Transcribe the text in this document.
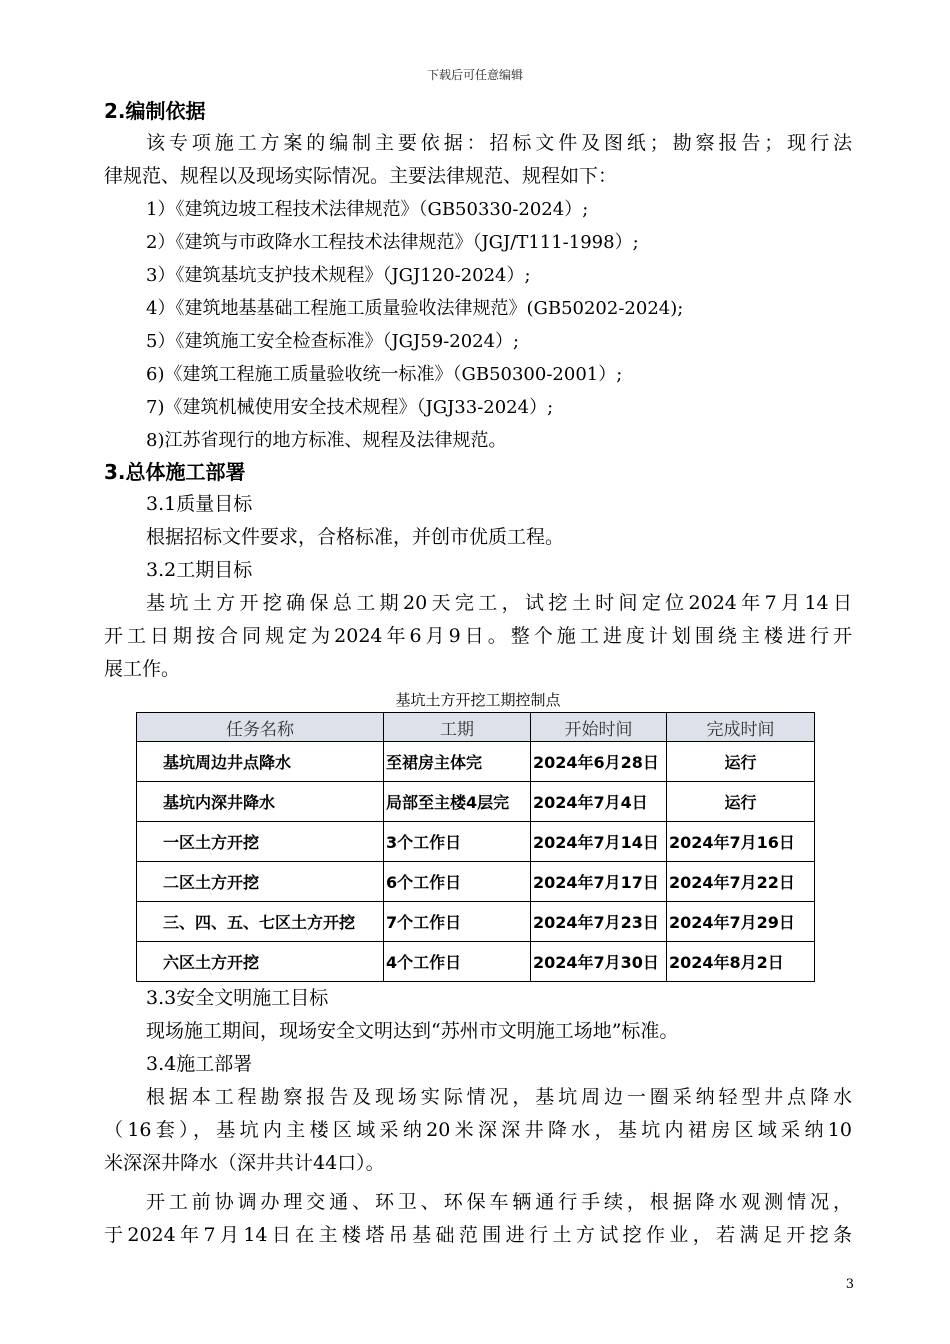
下载后可任意编辑
2.编制依据
该专项施工方案的编制主要依据：招标文件及图纸；勘察报告；现行法
律规范、规程以及现场实际情况。主要法律规范、规程如下：
1）《建筑边坡工程技术法律规范》（GB50330-2024）;
2）《建筑与市政降水工程技术法律规范》（JGJ/T111-1998）;
3）《建筑基坑支护技术规程》（JGJ120-2024）;
4）《建筑地基基础工程施工质量验收法律规范》(GB50202-2024);
5）《建筑施工安全检查标准》（JGJ59-2024）;
6)《建筑工程施工质量验收统一标准》（GB50300-2001）;
7)《建筑机械使用安全技术规程》（JGJ33-2024）;
8)江苏省现行的地方标准、规程及法律规范。
3.总体施工部署
3.1质量目标
根据招标文件要求，合格标准，并创市优质工程。
3.2工期目标
基坑土方开挖确保总工期20天完工，试挖土时间定位2024年7月14日
开工日期按合同规定为2024年6月9日。整个施工进度计划围绕主楼进行开
展工作。
基坑土方开挖工期控制点
任务名称	工期	开始时间	完成时间
基坑周边井点降水	至裙房主体完	2024年6月28日	运行
基坑内深井降水	局部至主楼4层完	2024年7月4日	运行
一区土方开挖	3个工作日	2024年7月14日	2024年7月16日
二区土方开挖	6个工作日	2024年7月17日	2024年7月22日
三、四、五、七区土方开挖	7个工作日	2024年7月23日	2024年7月29日
六区土方开挖	4个工作日	2024年7月30日	2024年8月2日
3.3安全文明施工目标
现场施工期间，现场安全文明达到“苏州市文明施工场地”标准。
3.4施工部署
根据本工程勘察报告及现场实际情况，基坑周边一圈采纳轻型井点降水
（16套），基坑内主楼区域采纳20米深深井降水，基坑内裙房区域采纳10
米深深井降水（深井共计44口）。
开工前协调办理交通、环卫、环保车辆通行手续，根据降水观测情况，
于2024年7月14日在主楼塔吊基础范围进行土方试挖作业，若满足开挖条
3
